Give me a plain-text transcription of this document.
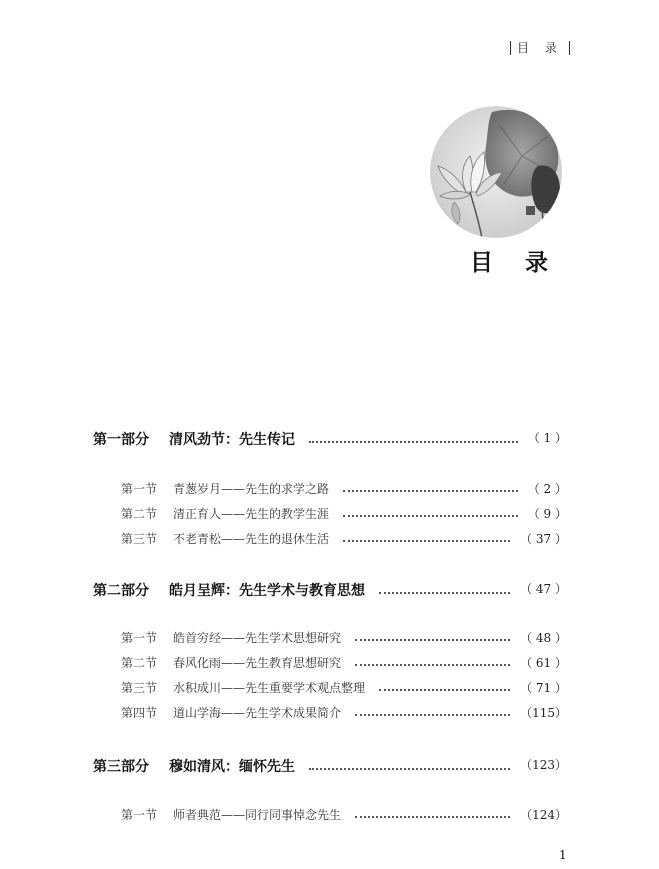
目 录
目 录
第一部分 清风劲节：先生传记	（ 1 ）
第一节 青葱岁月——先生的求学之路	（ 2 ）
第二节 清正育人——先生的教学生涯	（ 9 ）
第三节 不老青松——先生的退休生活	（ 37 ）
第二部分 皓月呈辉：先生学术与教育思想	（ 47 ）
第一节 皓首穷经——先生学术思想研究	（ 48 ）
第二节 春风化雨——先生教育思想研究	（ 61 ）
第三节 水积成川——先生重要学术观点整理	（ 71 ）
第四节 道山学海——先生学术成果简介	（115）
第三部分 穆如清风：缅怀先生	（123）
第一节 师者典范——同行同事悼念先生	（124）
1
